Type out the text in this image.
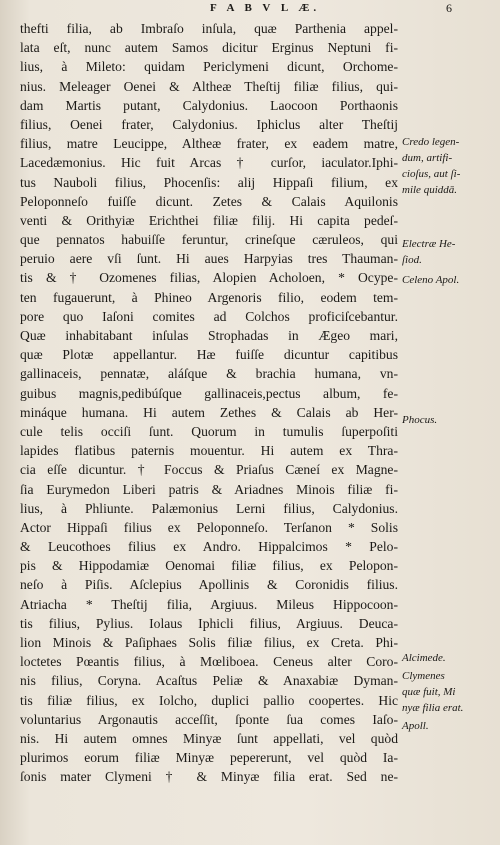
F A B V L Æ.	6
thefti filia, ab Imbraſo inſula, quæ Parthenia appel-
lata eſt, nunc autem Samos dicitur Erginus Neptuni fi-
lius, à Mileto: quidam Periclymeni dicunt, Orchome-
nius. Meleager Oenei & Altheæ Theſtij filiæ filius, qui-
dam Martis putant, Calydonius. Laocoon Porthaonis
filius, Oenei frater, Calydonius. Iphiclus alter Theſtij
filius, matre Leucippe, Altheæ frater, ex eadem matre,
Lacedæmonius. Hic fuit Arcas † curſor, iaculator.Iphi-
tus Nauboli filius, Phocenſis: alij Hippaſi filium, ex
Peloponneſo fuiſſe dicunt. Zetes & Calais Aquilonis
venti & Orithyiæ Erichthei filiæ filij. Hi capita pedeſ-
que pennatos habuiſſe feruntur, crineſque cæruleos, qui
peruio aere vſi ſunt. Hi aues Harpyias tres Thauman-
tis & † Ozomenes filias, Alopien Acholoen, * Ocype-
ten fugauerunt, à Phineo Argenoris filio, eodem tem-
pore quo Iaſoni comites ad Colchos proficiſcebantur.
Quæ inhabitabant inſulas Strophadas in Ægeo mari,
quæ Plotæ appellantur. Hæ fuiſſe dicuntur capitibus
gallinaceis, pennatæ, aláſque & brachia humana, vn-
guibus magnis,pedibúſque gallinaceis,pectus album, fe-
mináque humana. Hi autem Zethes & Calais ab Her-
cule telis occiſi ſunt. Quorum in tumulis ſuperpoſiti
lapides flatibus paternis mouentur. Hi autem ex Thra-
cia eſſe dicuntur. † Foccus & Priaſus Cæneí ex Magne-
ſia Eurymedon Liberi patris & Ariadnes Minois filiæ fi-
lius, à Phliunte. Palæmonius Lerni filius, Calydonius.
Actor Hippaſi filius ex Peloponneſo. Terſanon * Solis
& Leucothoes filius ex Andro. Hippalcimos * Pelo-
pis & Hippodamiæ Oenomai filiæ filius, ex Pelopon-
neſo à Piſis. Aſclepius Apollinis & Coronidis filius.
Atriacha * Theſtij filia, Argiuus. Mileus Hippocoon-
tis filius, Pylius. Iolaus Iphicli filius, Argiuus. Deuca-
lion Minois & Paſiphaes Solis filiæ filius, ex Creta. Phi-
loctetes Pœantis filius, à Mœliboea. Ceneus alter Coro-
nis filius, Coryna. Acaſtus Peliæ & Anaxabiæ Dyman-
tis filiæ filius, ex Iolcho, duplici pallio coopertes. Hic
voluntarius Argonautis acceſſit, ſponte ſua comes Iaſo-
nis. Hi autem omnes Minyæ ſunt appellati, vel quòd
plurimos eorum filiæ Minyæ pepererunt, vel quòd Ia-
ſonis mater Clymeni † & Minyæ filia erat. Sed ne-
Credo legen-
dum, artifi-
cioſus, aut ſi-
mile quiddā.
Electræ He-
ſiod.
Celeno Apol.
Phocus.
Alcimede.
Clymenes
quæ fuit, Mi
nyæ filia erat.
Apoll.
